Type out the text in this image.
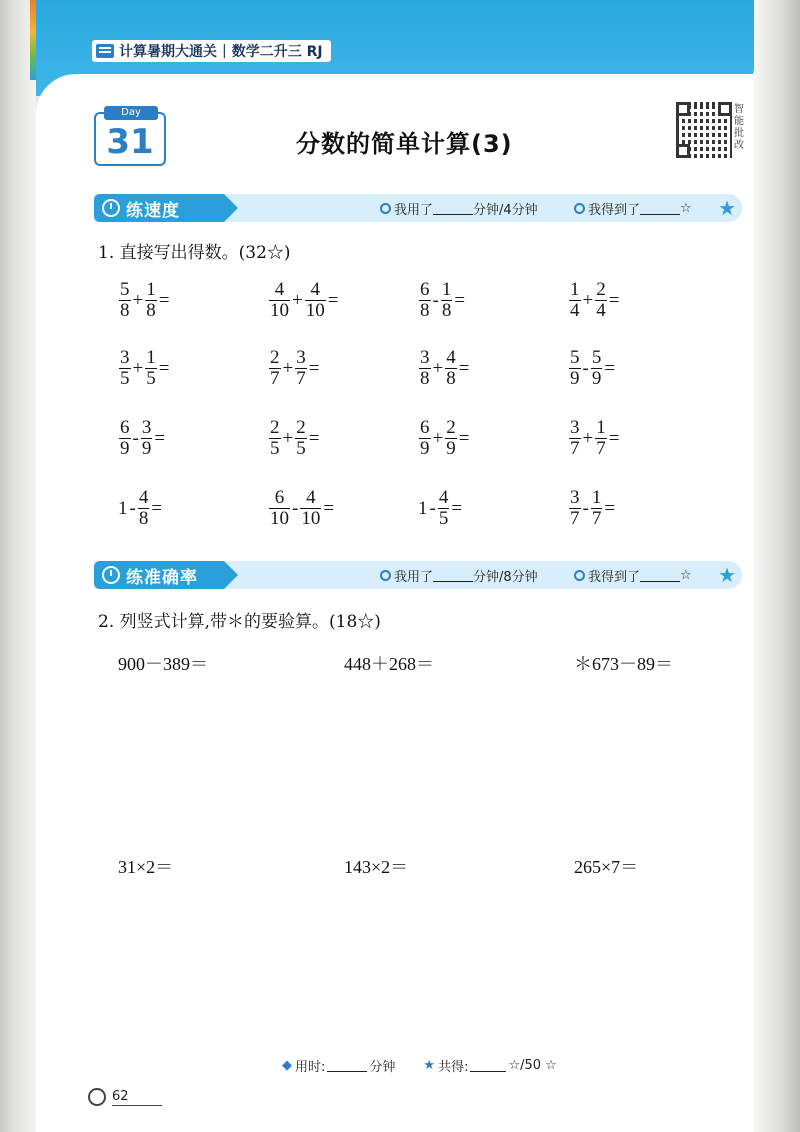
计算暑期大通关 | 数学二升三 RJ
Day
31	分数的简单计算(3)
智能批改
练速度	我用了	分钟/4分钟	我得到了	☆ ★
1. 直接写出得数。(32☆)
$\frac{5}{8} + \frac{1}{8}$ =	$\frac{4}{10} + \frac{4}{10}$ =	$\frac{6}{8} - \frac{1}{8}$ =	$\frac{1}{4} + \frac{2}{4}$ =
$\frac{3}{5} + \frac{1}{5}$ =	$\frac{2}{7} + \frac{3}{7}$ =	$\frac{3}{8} + \frac{4}{8}$ =	$\frac{5}{9} - \frac{5}{9}$ =
$\frac{6}{9} - \frac{3}{9}$ =	$\frac{2}{5} + \frac{2}{5}$ =	$\frac{6}{9} + \frac{2}{9}$ =	$\frac{3}{7} + \frac{1}{7}$ =
$1 - \frac{4}{8}$ =	$\frac{6}{10} - \frac{4}{10}$ =	$1 - \frac{4}{5}$ =	$\frac{3}{7} - \frac{1}{7}$ =
练准确率	我用了	分钟/8分钟	我得到了	☆ ★
2. 列竖式计算,带＊的要验算。(18☆)
900－389＝	448＋268＝	＊673－89＝
31×2＝	143×2＝	265×7＝
◆ 用时:	分钟 ★ 共得:	☆/50 ☆
62
